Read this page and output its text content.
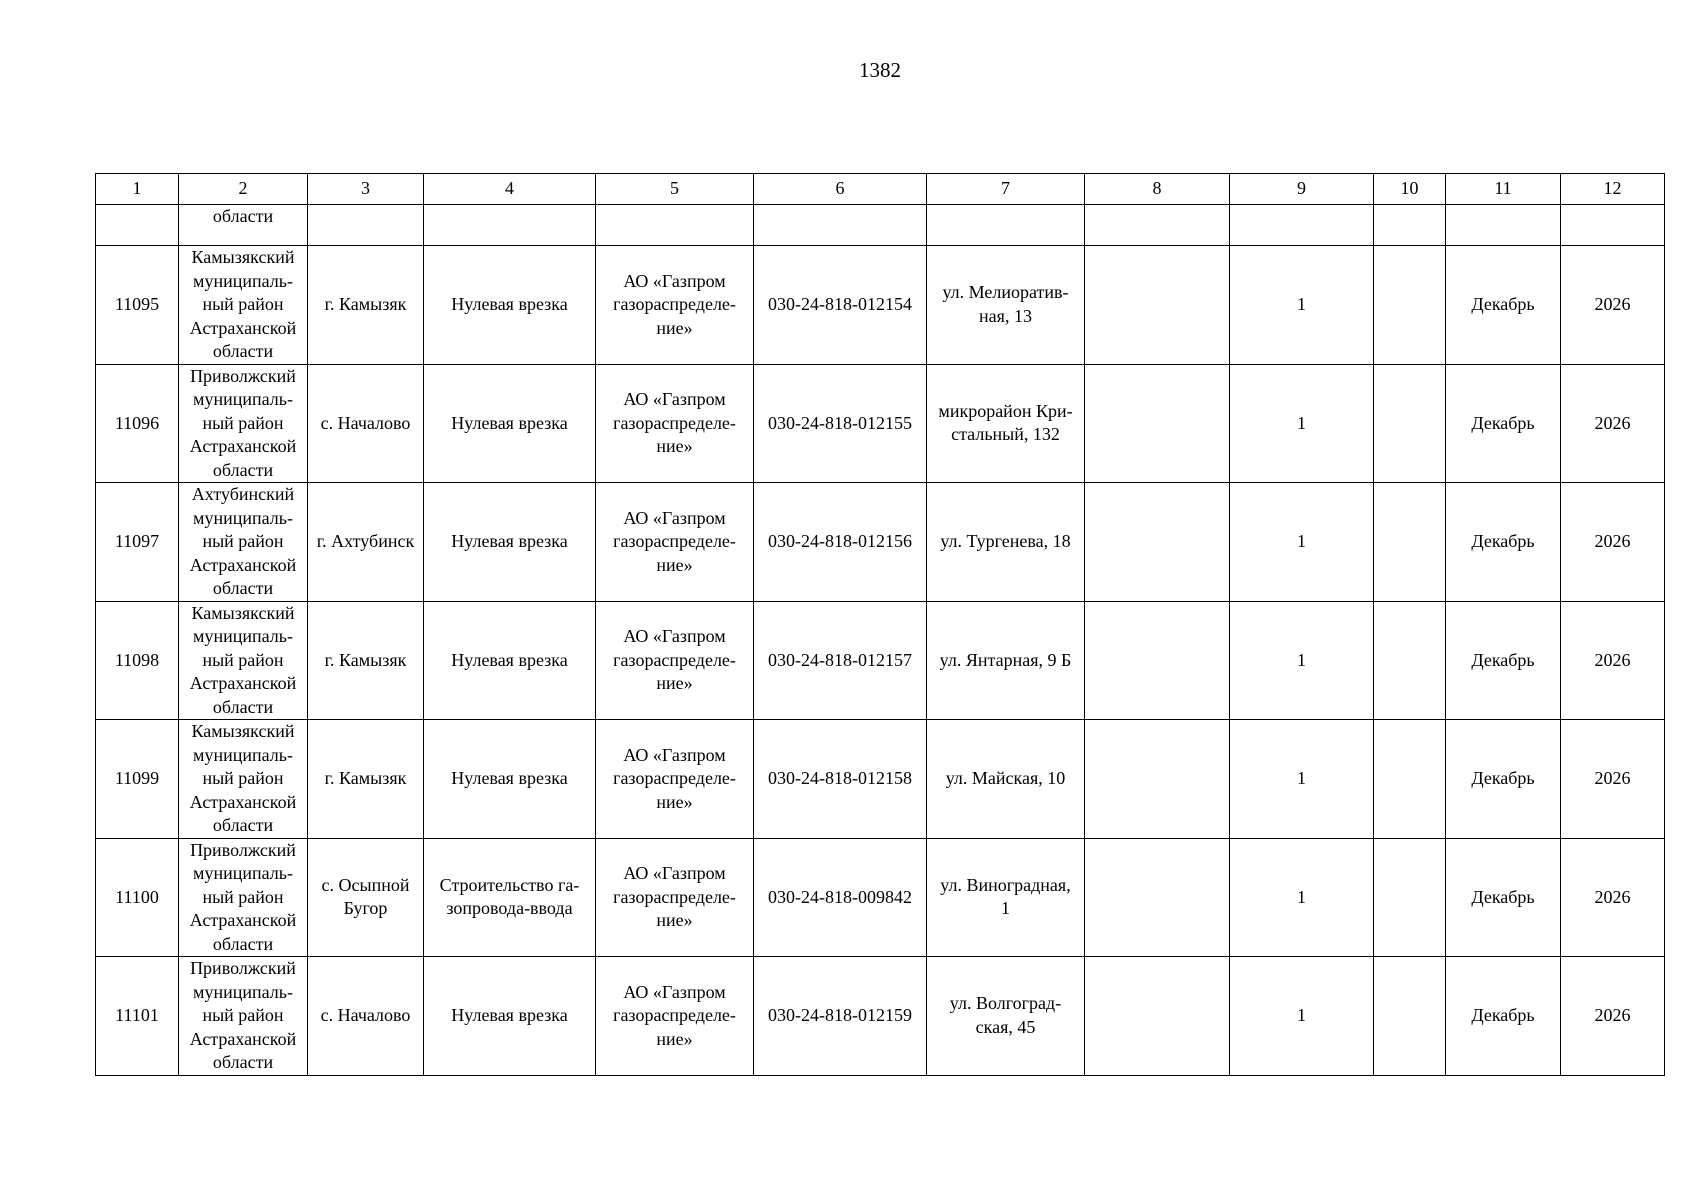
1382
1	2	3	4	5	6	7	8	9	10	11	12
	области										
11095	Камызякский
муниципаль-
ный район
Астраханской
области	г. Камызяк	Нулевая врезка	АО «Газпром
газораспределе-
ние»	030-24-818-012154	ул. Мелиоратив-
ная, 13		1		Декабрь	2026
11096	Приволжский
муниципаль-
ный район
Астраханской
области	с. Началово	Нулевая врезка	АО «Газпром
газораспределе-
ние»	030-24-818-012155	микрорайон Кри-
стальный, 132		1		Декабрь	2026
11097	Ахтубинский
муниципаль-
ный район
Астраханской
области	г. Ахтубинск	Нулевая врезка	АО «Газпром
газораспределе-
ние»	030-24-818-012156	ул. Тургенева, 18		1		Декабрь	2026
11098	Камызякский
муниципаль-
ный район
Астраханской
области	г. Камызяк	Нулевая врезка	АО «Газпром
газораспределе-
ние»	030-24-818-012157	ул. Янтарная, 9 Б		1		Декабрь	2026
11099	Камызякский
муниципаль-
ный район
Астраханской
области	г. Камызяк	Нулевая врезка	АО «Газпром
газораспределе-
ние»	030-24-818-012158	ул. Майская, 10		1		Декабрь	2026
11100	Приволжский
муниципаль-
ный район
Астраханской
области	с. Осыпной
Бугор	Строительство га-
зопровода-ввода	АО «Газпром
газораспределе-
ние»	030-24-818-009842	ул. Виноградная,
1		1		Декабрь	2026
11101	Приволжский
муниципаль-
ный район
Астраханской
области	с. Началово	Нулевая врезка	АО «Газпром
газораспределе-
ние»	030-24-818-012159	ул. Волгоград-
ская, 45		1		Декабрь	2026
